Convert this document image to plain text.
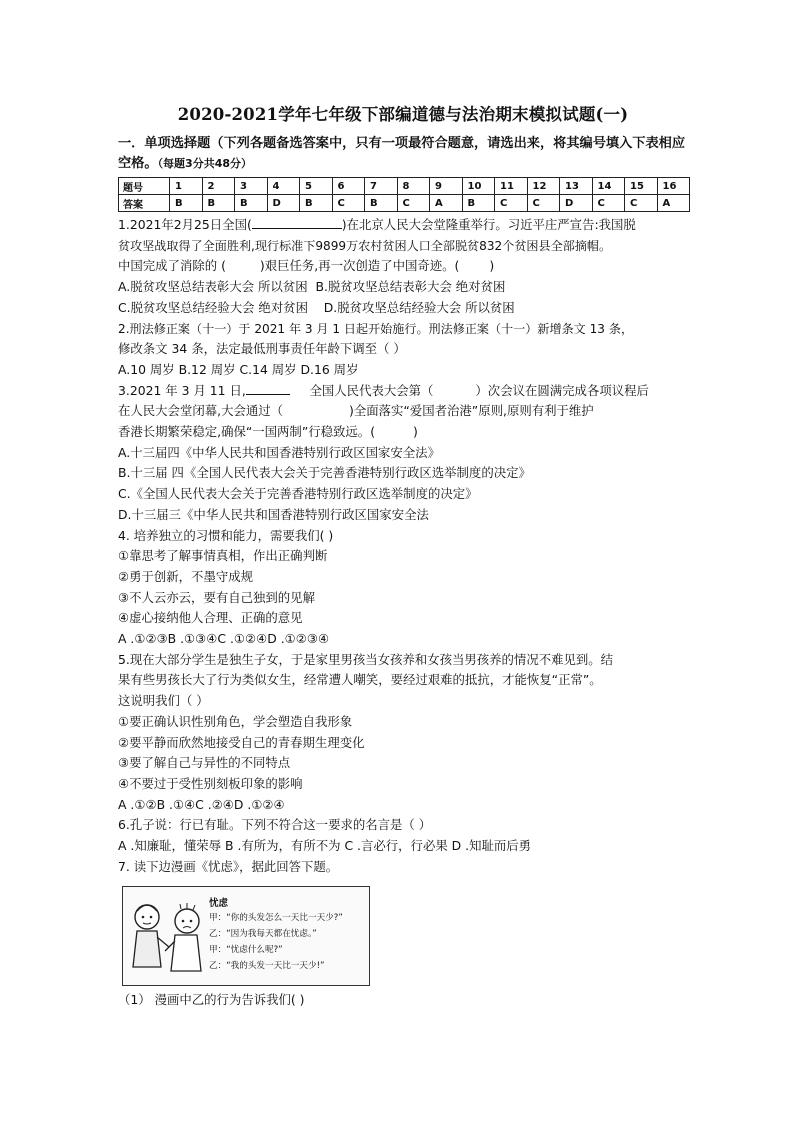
2020-2021学年七年级下部编道德与法治期末模拟试题(一)

一．单项选择题（下列各题备选答案中，只有一项最符合题意，请选出来，将其编号填入下表相应空格。（每题3分共48分）

题号	1	2	3	4	5	6	7	8	9	10	11	12	13	14	15	16
答案	B	B	B	D	B	C	B	C	A	B	C	C	D	C	C	A

1.2021年2月25日全国(	)在北京人民大会堂隆重举行。习近平庄严宣告:我国脱

贫攻坚战取得了全面胜利,现行标准下9899万农村贫困人口全部脱贫832个贫困县全部摘帽。

中国完成了消除的 (	)艰巨任务,再一次创造了中国奇迹。( )

A.脱贫攻坚总结表彰大会 所以贫困 B.脱贫攻坚总结表彰大会 绝对贫困

C.脱贫攻坚总结经验大会 绝对贫困 D.脱贫攻坚总结经验大会 所以贫困

2.刑法修正案（十一）于 2021 年 3 月 1 日起开始施行。刑法修正案（十一）新增条文 13 条，

修改条文 34 条，法定最低刑事责任年龄下调至（ ）

A.10 周岁 B.12 周岁 C.14 周岁 D.16 周岁

3.2021 年 3 月 11 日,	全国人民代表大会第（	）次会议在圆满完成各项议程后

在人民大会堂闭幕,大会通过（	)全面落实“爱国者治港”原则,原则有利于维护

香港长期繁荣稳定,确保“一国两制”行稳致远。(	)

A.十三届四《中华人民共和国香港特别行政区国家安全法》

B.十三届 四《全国人民代表大会关于完善香港特别行政区选举制度的决定》

C.《全国人民代表大会关于完善香港特别行政区选举制度的决定》

D.十三届三《中华人民共和国香港特别行政区国家安全法

4. 培养独立的习惯和能力，需要我们( )

①靠思考了解事情真相，作出正确判断

②勇于创新，不墨守成规

③不人云亦云，要有自己独到的见解

④虚心接纳他人合理、正确的意见

A .①②③B .①③④C .①②④D .①②③④

5.现在大部分学生是独生子女，于是家里男孩当女孩养和女孩当男孩养的情况不难见到。结

果有些男孩长大了行为类似女生，经常遭人嘲笑，要经过艰难的抵抗，才能恢复“正常”。

这说明我们（ ）

①要正确认识性别角色，学会塑造自我形象

②要平静而欣然地接受自己的青春期生理变化

③要了解自己与异性的不同特点

④不要过于受性别刻板印象的影响

A .①②B .①④C .②④D .①②④

6.孔子说：行已有耻。下列不符合这一要求的名言是（ ）

A .知廉耻，懂荣辱 B .有所为，有所不为 C .言必行，行必果 D .知耻而后勇

7. 读下边漫画《忧虑》，据此回答下题。

忧虑
甲：“你的头发怎么一天比一天少?”
乙：“因为我每天都在忧虑。”
甲：“忧虑什么呢?”
乙：“我的头发一天比一天少!”

（1） 漫画中乙的行为告诉我们( )
